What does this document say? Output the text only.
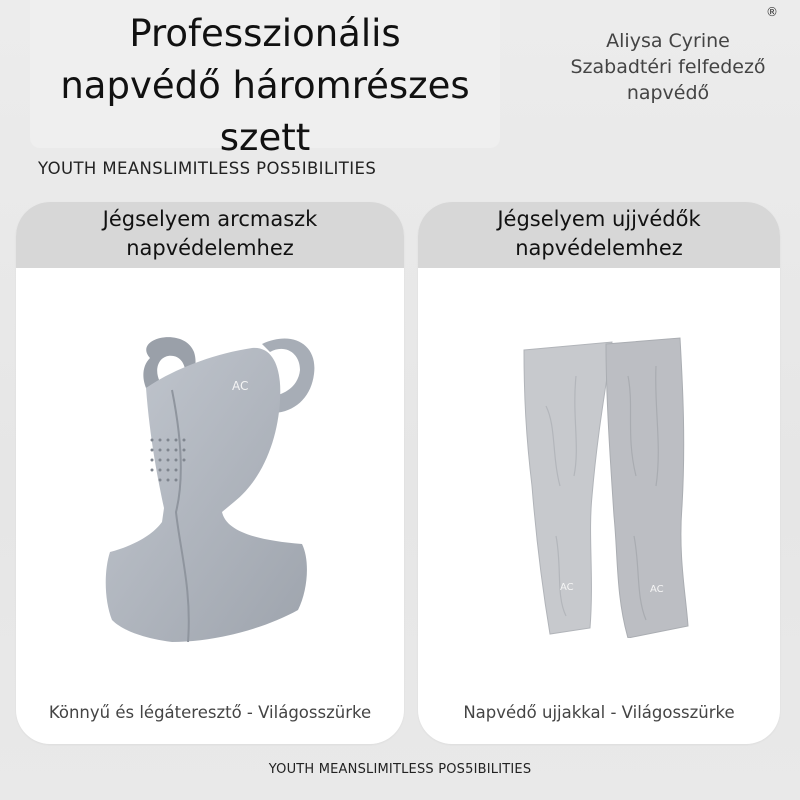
Professzionális
napvédő háromrészes
szett
Aliysa Cyrine
Szabadtéri felfedező
napvédő
®
YOUTH MEANSLIMITLESS POS5IBILITIES
Jégselyem arcmaszk
napvédelemhez
AC
Könnyű és légáteresztő - Világosszürke
Jégselyem ujjvédők
napvédelemhez
AC	AC
Napvédő ujjakkal - Világosszürke
YOUTH MEANSLIMITLESS POS5IBILITIES
